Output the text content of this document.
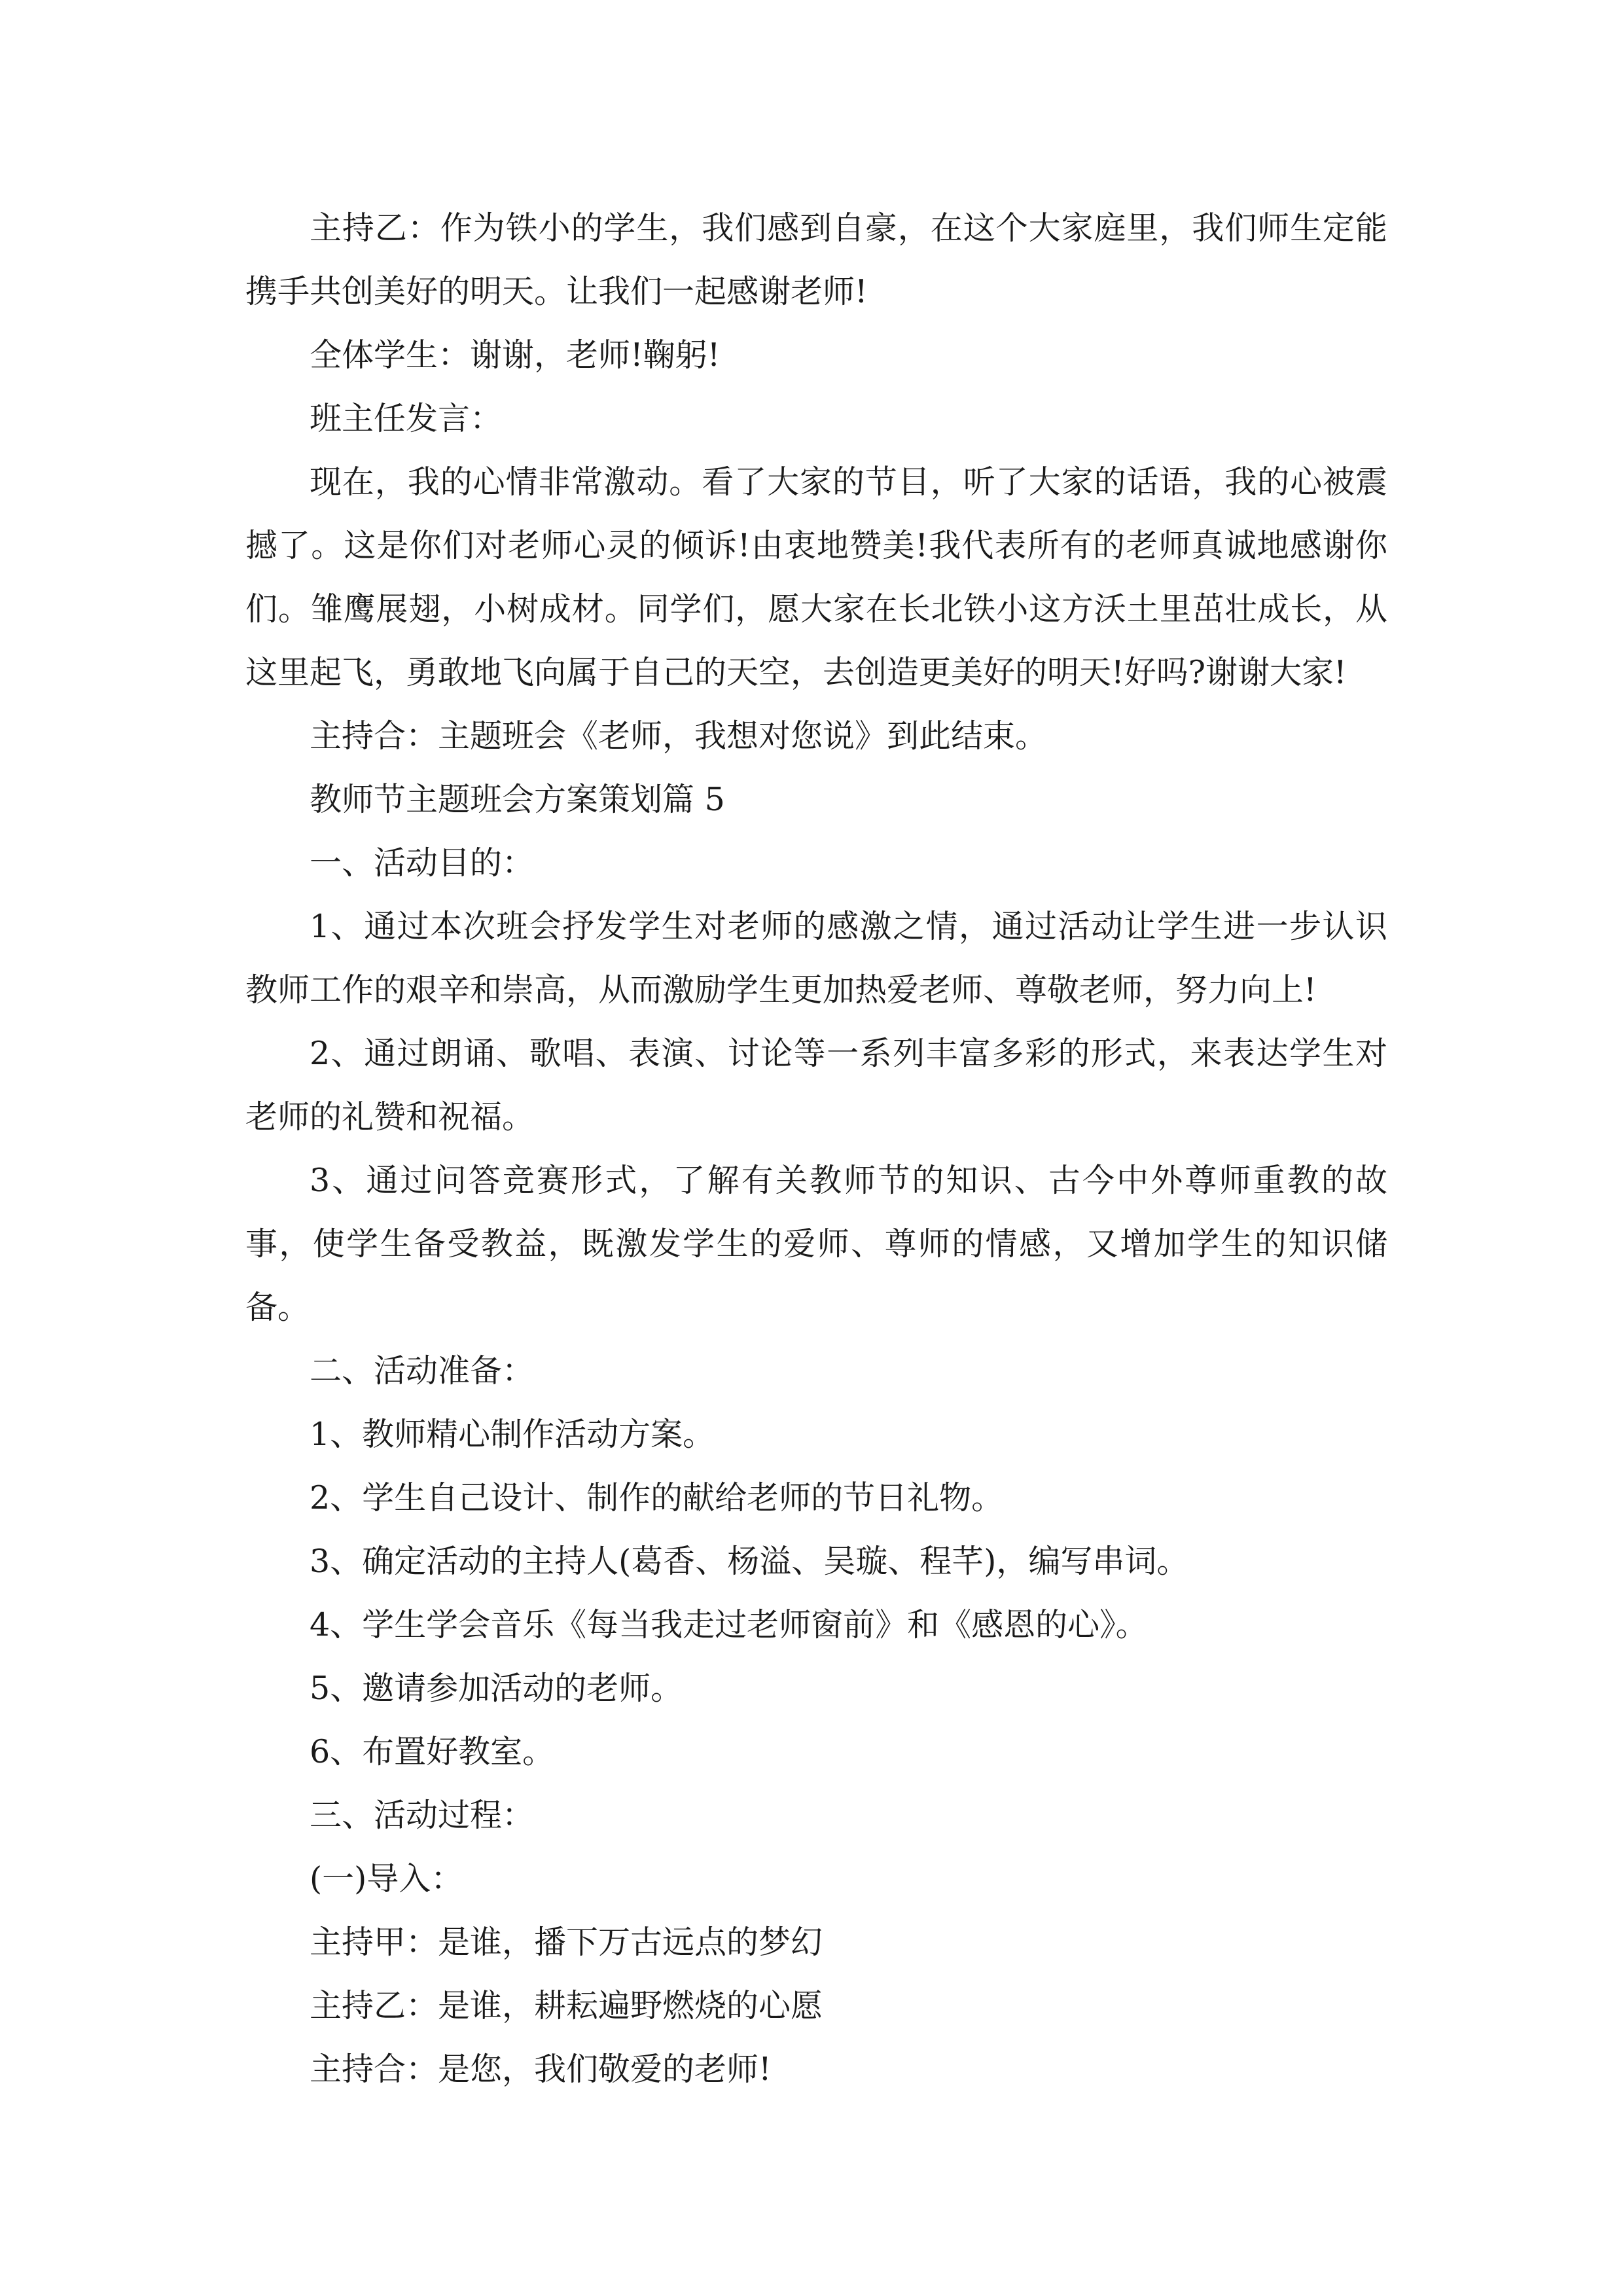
主持乙：作为铁小的学生，我们感到自豪，在这个大家庭里，我们师生定能携手共创美好的明天。让我们一起感谢老师!

全体学生：谢谢，老师!鞠躬!

班主任发言：

现在，我的心情非常激动。看了大家的节目，听了大家的话语，我的心被震撼了。这是你们对老师心灵的倾诉!由衷地赞美!我代表所有的老师真诚地感谢你们。雏鹰展翅，小树成材。同学们，愿大家在长北铁小这方沃土里茁壮成长，从这里起飞，勇敢地飞向属于自己的天空，去创造更美好的明天!好吗?谢谢大家!

主持合：主题班会《老师，我想对您说》到此结束。

教师节主题班会方案策划篇 5

一、活动目的：

1、通过本次班会抒发学生对老师的感激之情，通过活动让学生进一步认识教师工作的艰辛和崇高，从而激励学生更加热爱老师、尊敬老师，努力向上!

2、通过朗诵、歌唱、表演、讨论等一系列丰富多彩的形式，来表达学生对老师的礼赞和祝福。

3、通过问答竞赛形式，了解有关教师节的知识、古今中外尊师重教的故事，使学生备受教益，既激发学生的爱师、尊师的情感，又增加学生的知识储备。

二、活动准备：

1、教师精心制作活动方案。

2、学生自己设计、制作的献给老师的节日礼物。

3、确定活动的主持人(葛香、杨溢、吴璇、程芊)，编写串词。

4、学生学会音乐《每当我走过老师窗前》和《感恩的心》。

5、邀请参加活动的老师。

6、布置好教室。

三、活动过程：

(一)导入：

主持甲：是谁，播下万古远点的梦幻

主持乙：是谁，耕耘遍野燃烧的心愿

主持合：是您，我们敬爱的老师!
